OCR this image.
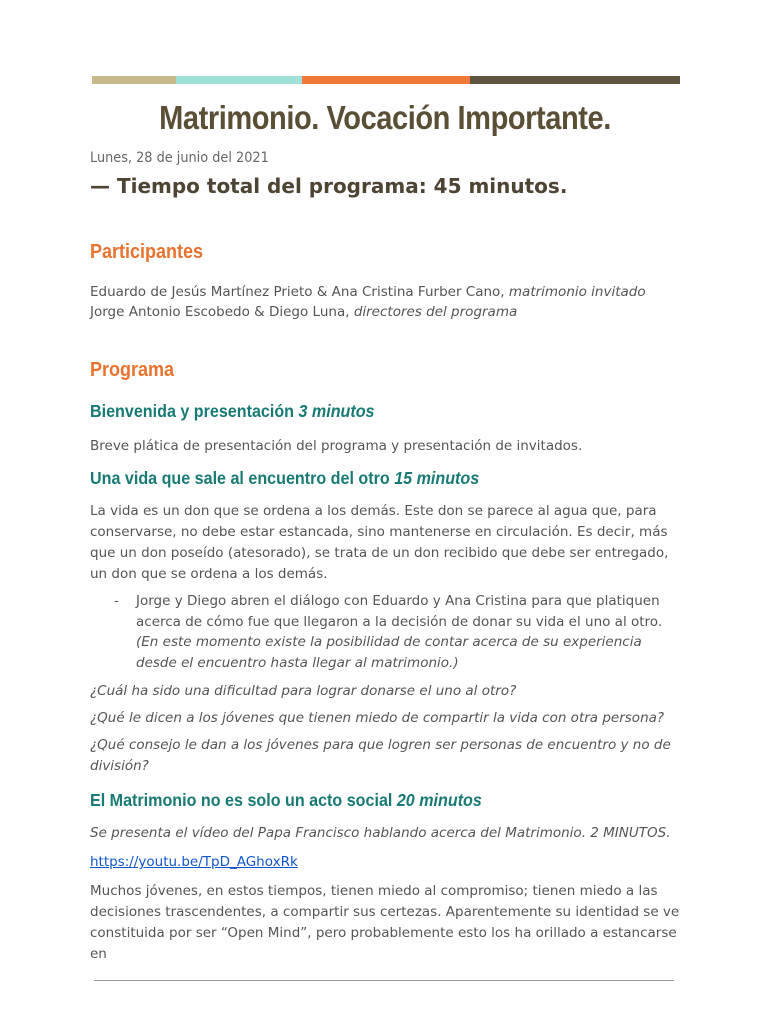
Matrimonio. Vocación Importante.
Lunes, 28 de junio del 2021
— Tiempo total del programa: 45 minutos.
Participantes
Eduardo de Jesús Martínez Prieto & Ana Cristina Furber Cano, matrimonio invitado
Jorge Antonio Escobedo & Diego Luna, directores del programa
Programa
Bienvenida y presentación 3 minutos

Breve plática de presentación del programa y presentación de invitados.

Una vida que sale al encuentro del otro 15 minutos

La vida es un don que se ordena a los demás. Este don se parece al agua que, para conservarse, no debe estar estancada, sino mantenerse en circulación. Es decir, más que un don poseído (atesorado), se trata de un don recibido que debe ser entregado, un don que se ordena a los demás.

-	Jorge y Diego abren el diálogo con Eduardo y Ana Cristina para que platiquen acerca de cómo fue que llegaron a la decisión de donar su vida el uno al otro. (En este momento existe la posibilidad de contar acerca de su experiencia desde el encuentro hasta llegar al matrimonio.)

¿Cuál ha sido una dificultad para lograr donarse el uno al otro?

¿Qué le dicen a los jóvenes que tienen miedo de compartir la vida con otra persona?

¿Qué consejo le dan a los jóvenes para que logren ser personas de encuentro y no de división?

El Matrimonio no es solo un acto social 20 minutos

Se presenta el vídeo del Papa Francisco hablando acerca del Matrimonio. 2 MINUTOS.

https://youtu.be/TpD_AGhoxRk

Muchos jóvenes, en estos tiempos, tienen miedo al compromiso; tienen miedo a las decisiones trascendentes, a compartir sus certezas. Aparentemente su identidad se ve constituida por ser “Open Mind”, pero probablemente esto los ha orillado a estancarse en
